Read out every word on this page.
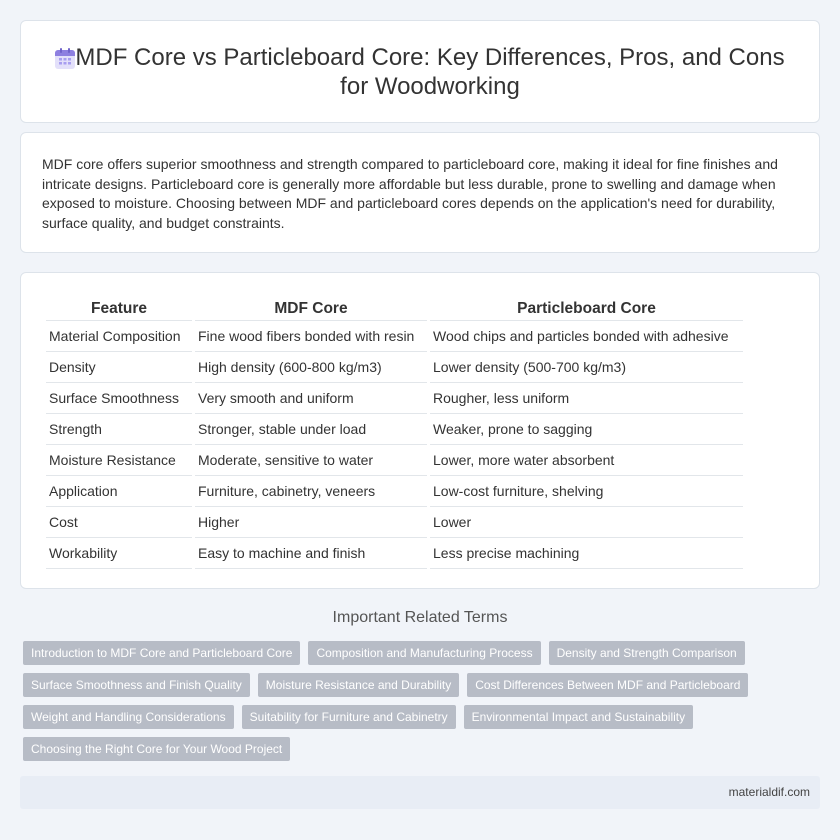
MDF Core vs Particleboard Core: Key Differences, Pros, and Cons for Woodworking

MDF core offers superior smoothness and strength compared to particleboard core, making it ideal for fine finishes and intricate designs. Particleboard core is generally more affordable but less durable, prone to swelling and damage when exposed to moisture. Choosing between MDF and particleboard cores depends on the application's need for durability, surface quality, and budget constraints.

Feature	MDF Core	Particleboard Core
Material Composition	Fine wood fibers bonded with resin	Wood chips and particles bonded with adhesive
Density	High density (600-800 kg/m3)	Lower density (500-700 kg/m3)
Surface Smoothness	Very smooth and uniform	Rougher, less uniform
Strength	Stronger, stable under load	Weaker, prone to sagging
Moisture Resistance	Moderate, sensitive to water	Lower, more water absorbent
Application	Furniture, cabinetry, veneers	Low-cost furniture, shelving
Cost	Higher	Lower
Workability	Easy to machine and finish	Less precise machining
Important Related Terms
Introduction to MDF Core and Particleboard Core	Composition and Manufacturing Process	Density and Strength Comparison
Surface Smoothness and Finish Quality	Moisture Resistance and Durability	Cost Differences Between MDF and Particleboard
Weight and Handling Considerations	Suitability for Furniture and Cabinetry	Environmental Impact and Sustainability
Choosing the Right Core for Your Wood Project
materialdif.com
